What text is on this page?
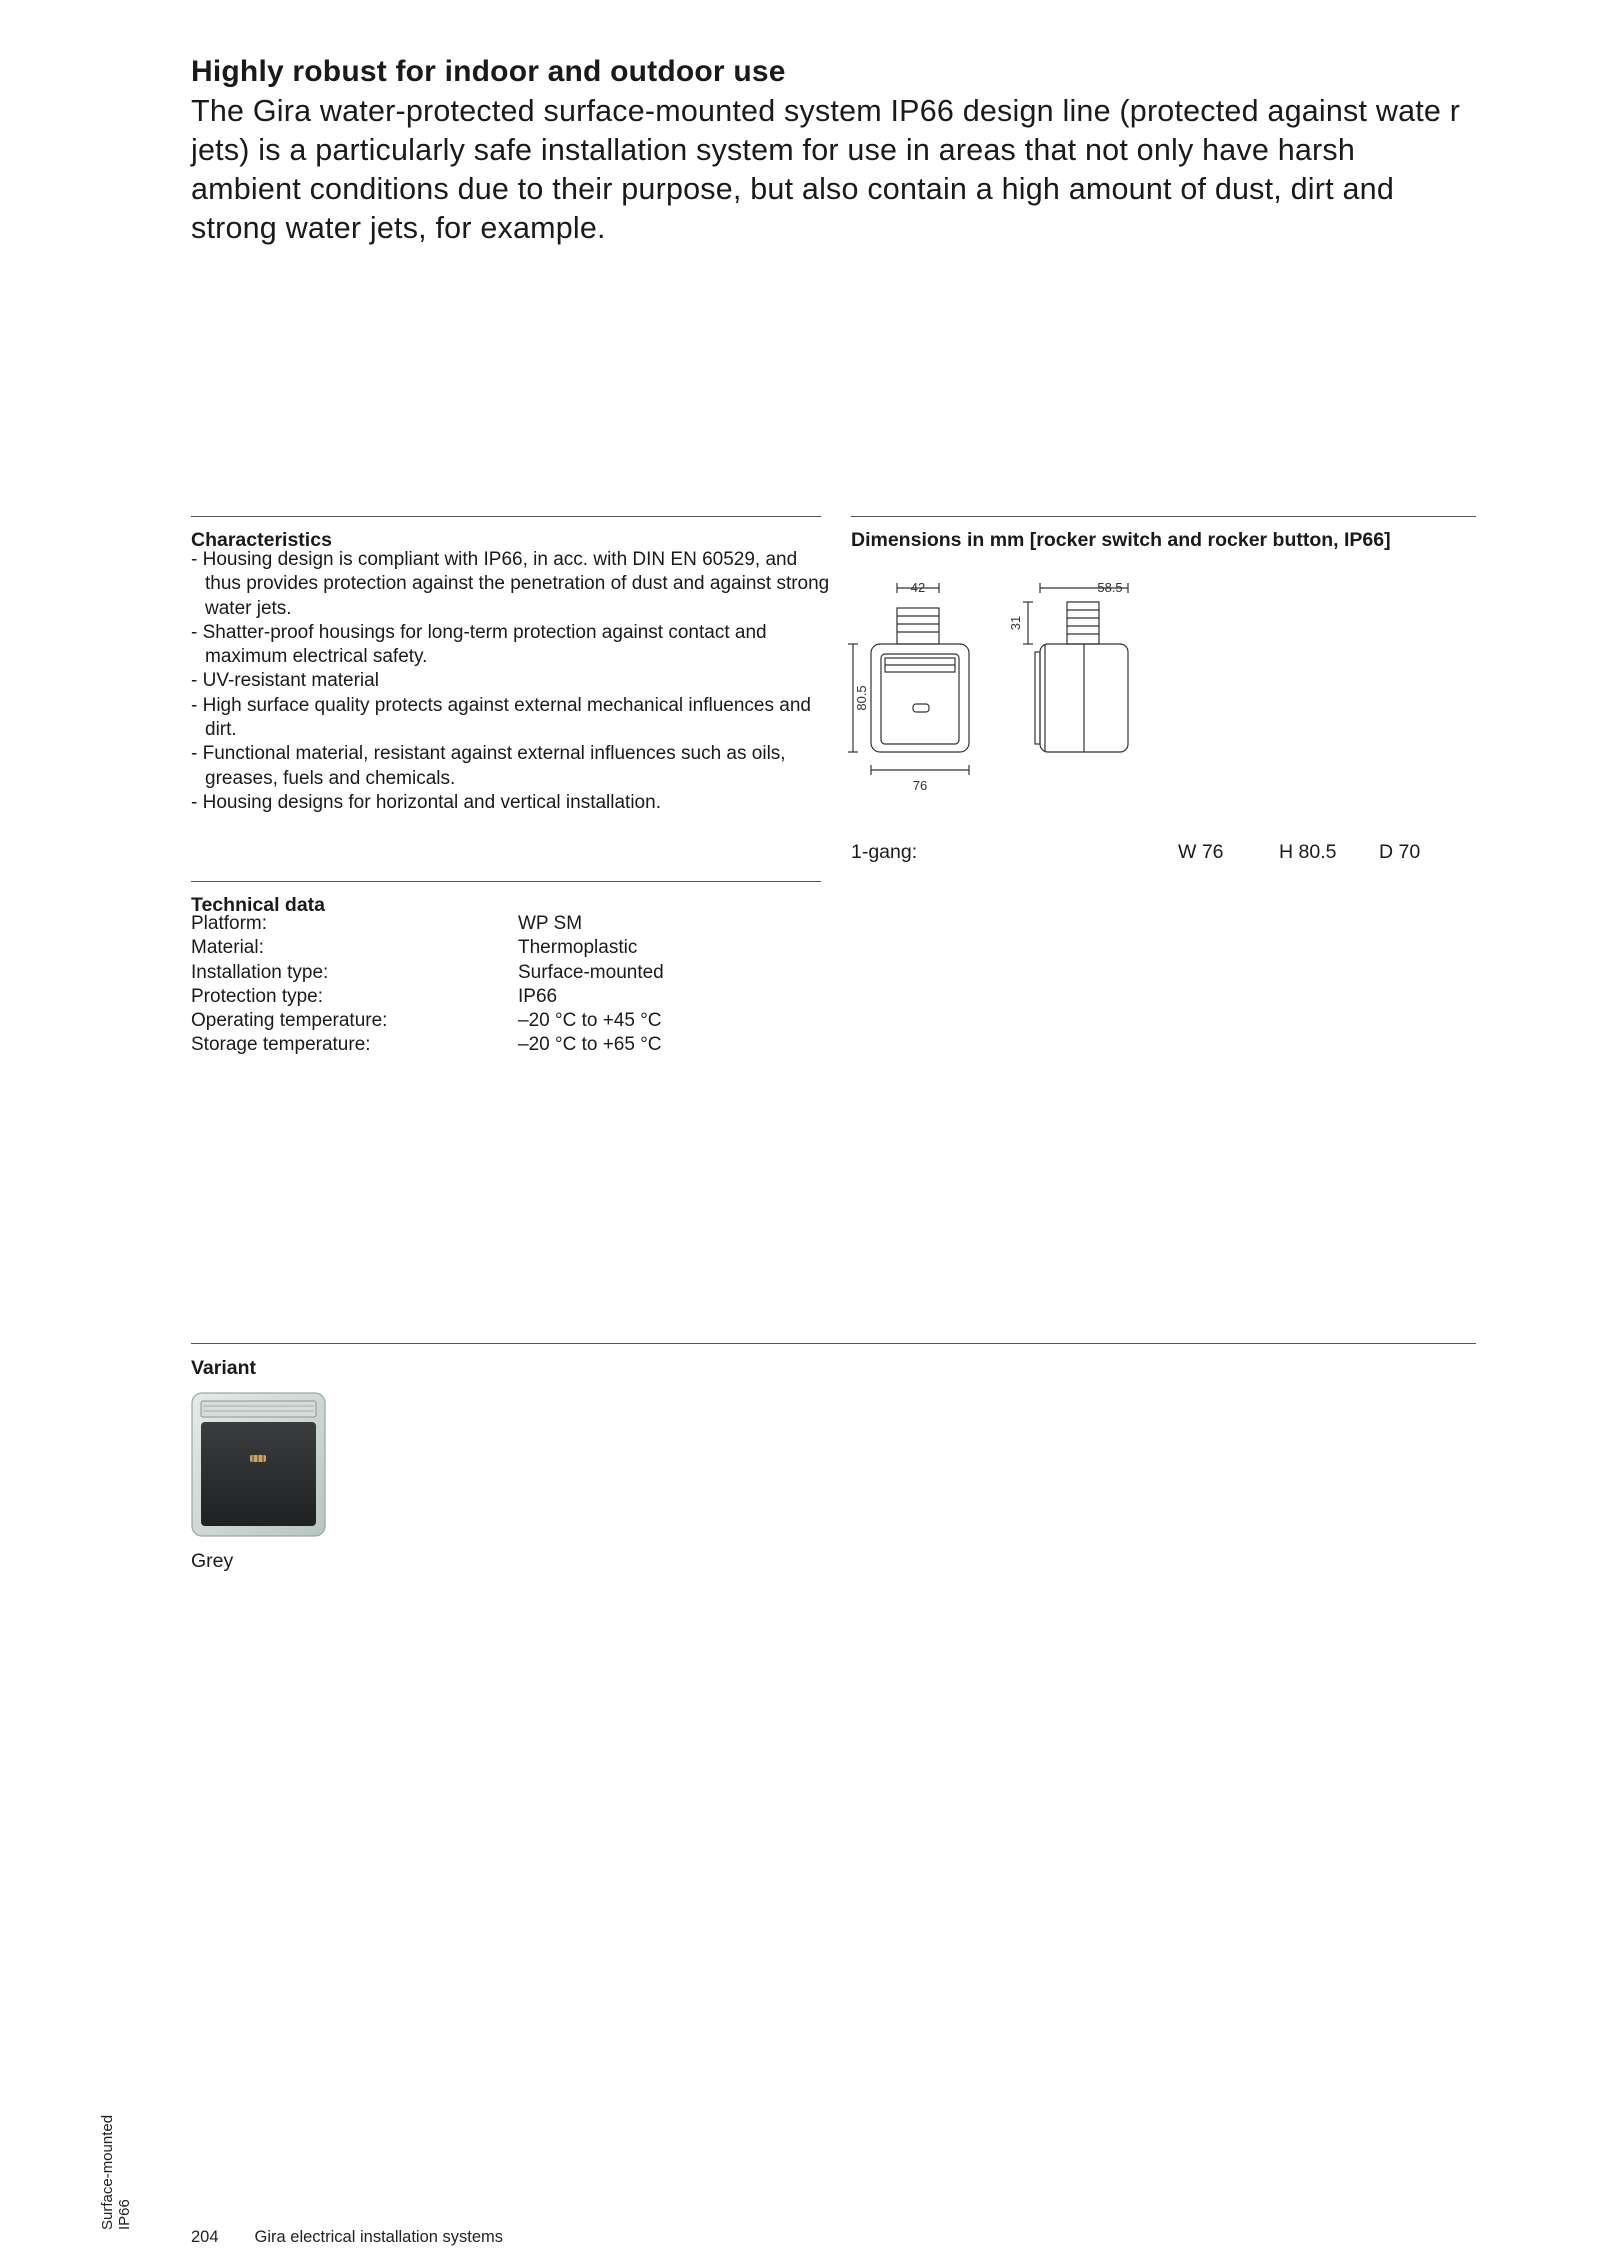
Highly robust for indoor and outdoor use
The Gira water-protected surface-mounted system IP66 design line (protected against wate r jets) is a particularly safe installation system for use in areas that not only have harsh ambient conditions due to their purpose, but also contain a high amount of dust, dirt and strong water jets, for example.
Characteristics
- Housing design is compliant with IP66, in acc. with DIN EN 60529, and thus provides protection against the penetration of dust and against strong water jets.
- Shatter-proof housings for long-term protection against contact and maximum electrical safety.
- UV-resistant material
- High surface quality protects against external mechanical influences and dirt.
- Functional material, resistant against external influences such as oils, greases, fuels and chemicals.
- Housing designs for horizontal and vertical installation.
Dimensions in mm [rocker switch and rocker button, IP66]
42
76
80.5
58.5
31
1-gang:	W 76	H 80.5 D 70
Technical data
Platform:	WP SM
Material:	Thermoplastic
Installation type:	Surface-mounted
Protection type:	IP66
Operating temperature:	–20 °C to +45 °C
Storage temperature:	–20 °C to +65 °C
Variant
Grey
Surface-mounted IP66
204 Gira electrical installation systems
